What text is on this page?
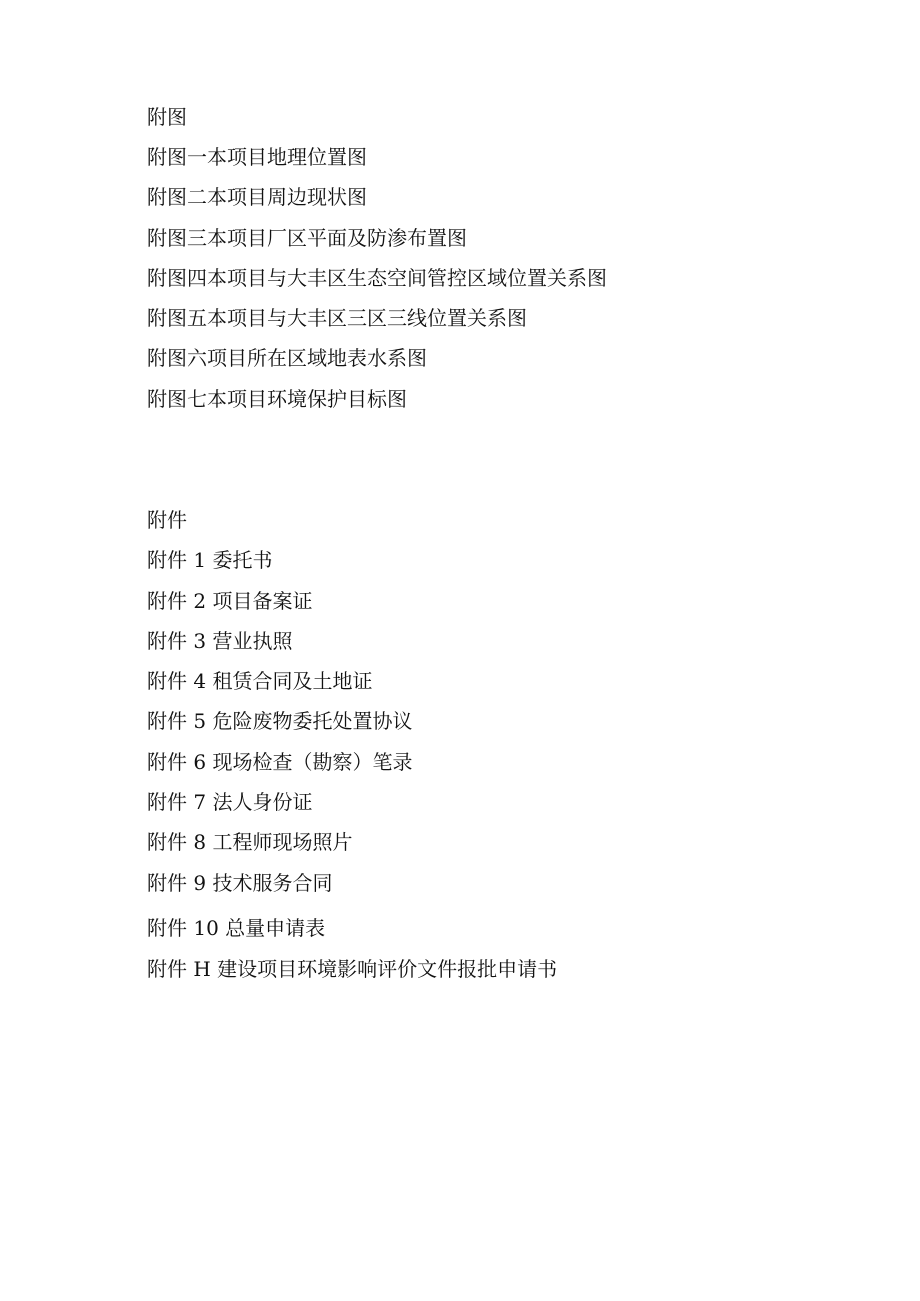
附图
附图一本项目地理位置图
附图二本项目周边现状图
附图三本项目厂区平面及防渗布置图
附图四本项目与大丰区生态空间管控区域位置关系图
附图五本项目与大丰区三区三线位置关系图
附图六项目所在区域地表水系图
附图七本项目环境保护目标图
附件
附件 1 委托书
附件 2 项目备案证
附件 3 营业执照
附件 4 租赁合同及土地证
附件 5 危险废物委托处置协议
附件 6 现场检查（勘察）笔录
附件 7 法人身份证
附件 8 工程师现场照片
附件 9 技术服务合同
附件 10 总量申请表
附件 H 建设项目环境影响评价文件报批申请书
